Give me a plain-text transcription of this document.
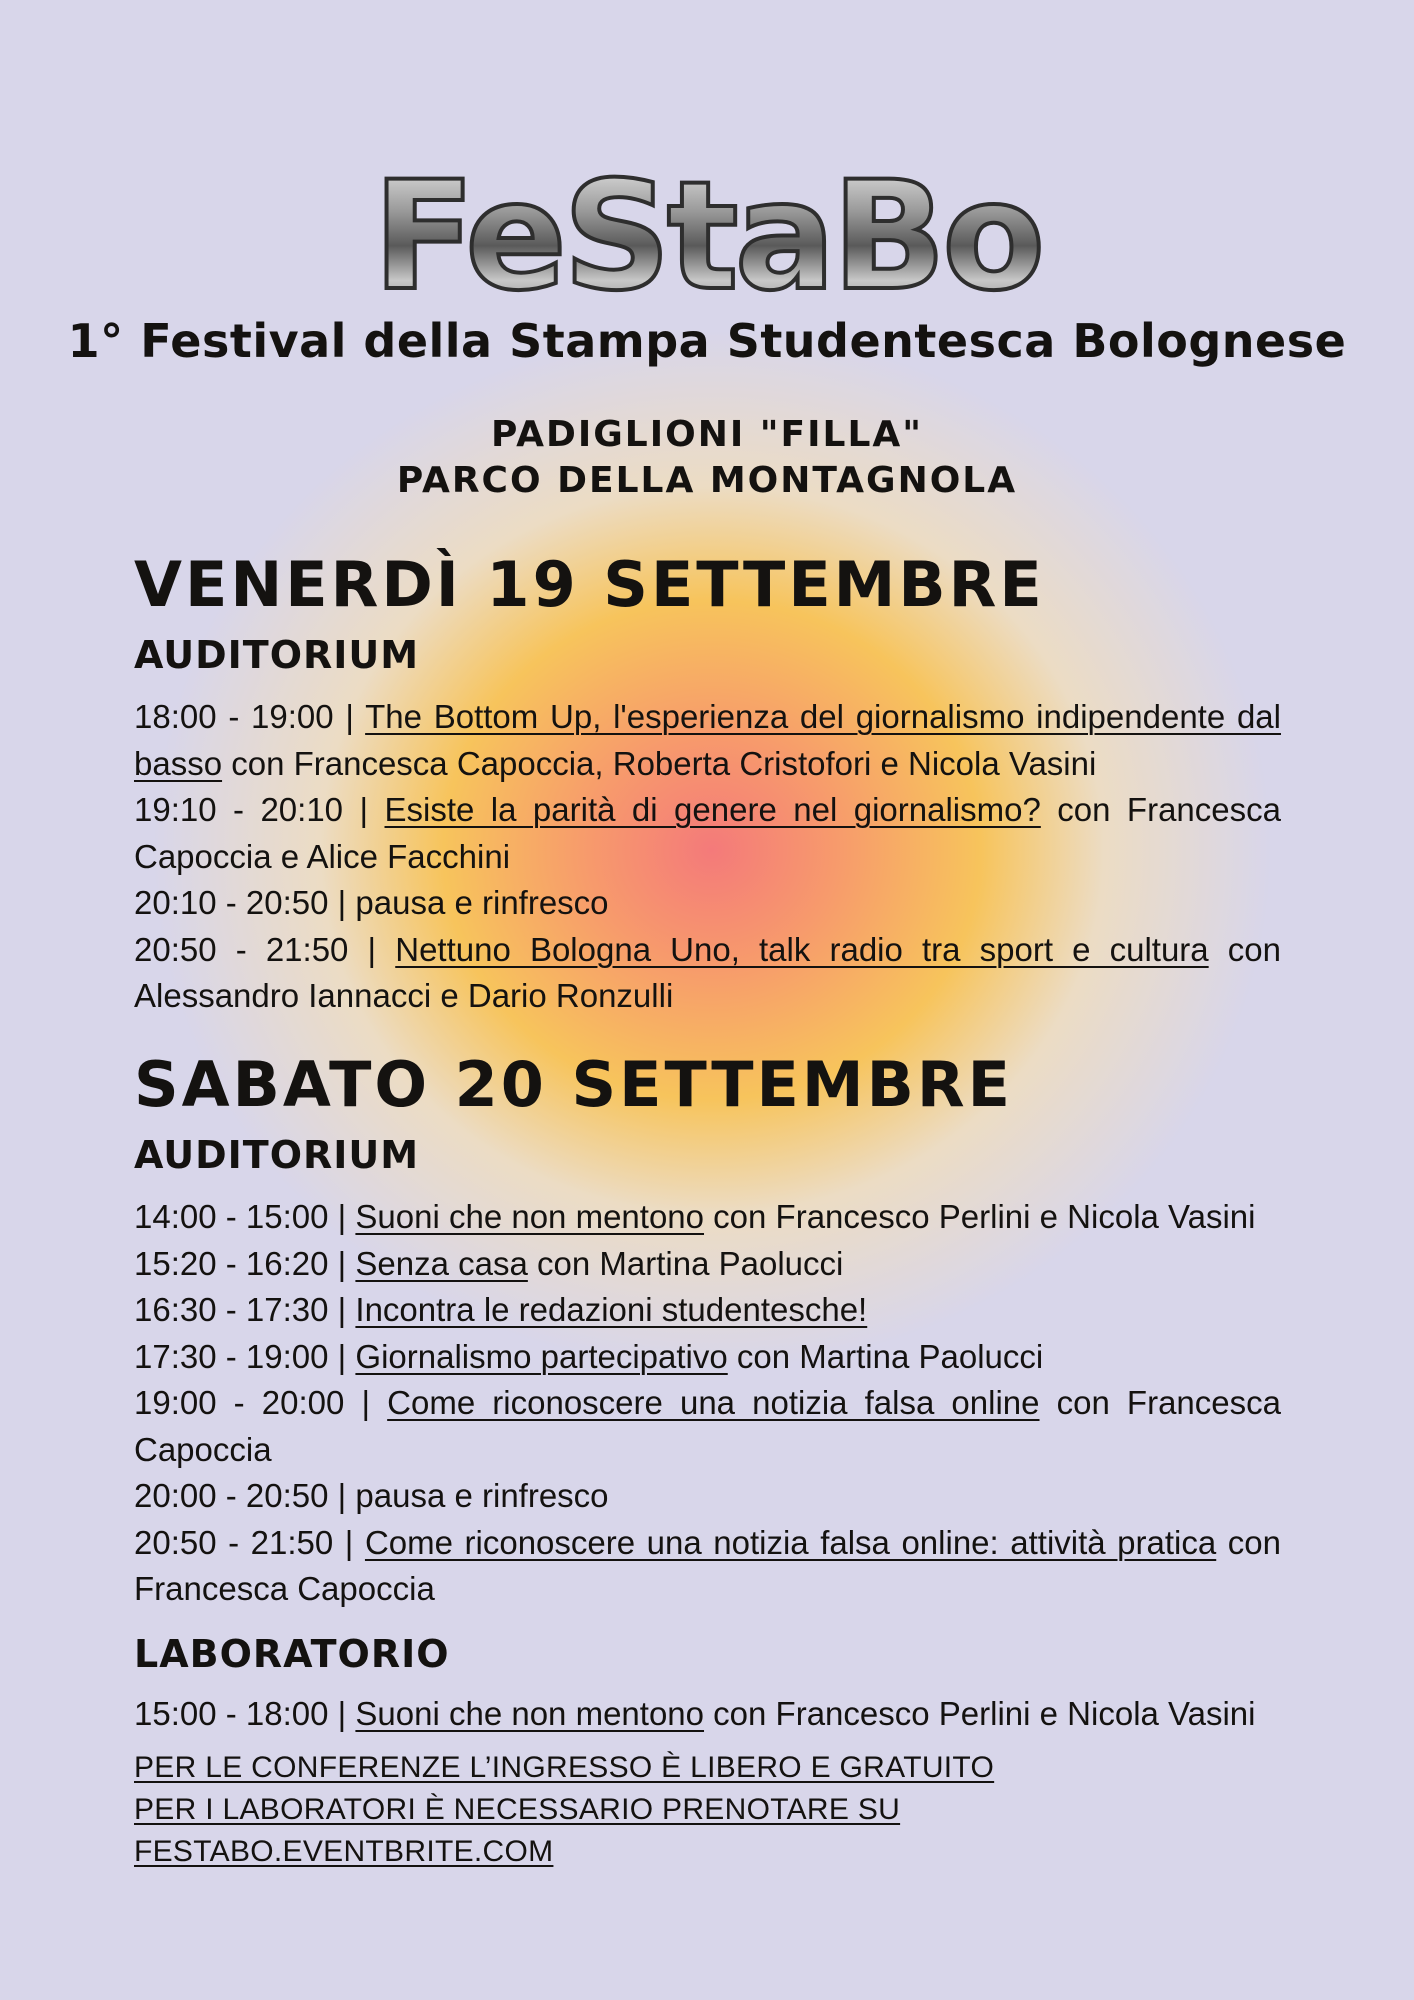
FeStaBo
1° Festival della Stampa Studentesca Bolognese
PADIGLIONI "FILLA"
PARCO DELLA MONTAGNOLA
VENERDÌ 19 SETTEMBRE
AUDITORIUM

18:00 - 19:00 | The Bottom Up, l'esperienza del giornalismo indipendente dal basso con Francesca Capoccia, Roberta Cristofori e Nicola Vasini

19:10 - 20:10 | Esiste la parità di genere nel giornalismo? con Francesca Capoccia e Alice Facchini

20:10 - 20:50 | pausa e rinfresco

20:50 - 21:50 | Nettuno Bologna Uno, talk radio tra sport e cultura con Alessandro Iannacci e Dario Ronzulli

SABATO 20 SETTEMBRE
AUDITORIUM

14:00 - 15:00 | Suoni che non mentono con Francesco Perlini e Nicola Vasini

15:20 - 16:20 | Senza casa con Martina Paolucci

16:30 - 17:30 | Incontra le redazioni studentesche!

17:30 - 19:00 | Giornalismo partecipativo con Martina Paolucci

19:00 - 20:00 | Come riconoscere una notizia falsa online con Francesca Capoccia

20:00 - 20:50 | pausa e rinfresco

20:50 - 21:50 | Come riconoscere una notizia falsa online: attività pratica con Francesca Capoccia

LABORATORIO

15:00 - 18:00 | Suoni che non mentono con Francesco Perlini e Nicola Vasini

PER LE CONFERENZE L’INGRESSO È LIBERO E GRATUITO

PER I LABORATORI È NECESSARIO PRENOTARE SU FESTABO.EVENTBRITE.COM
